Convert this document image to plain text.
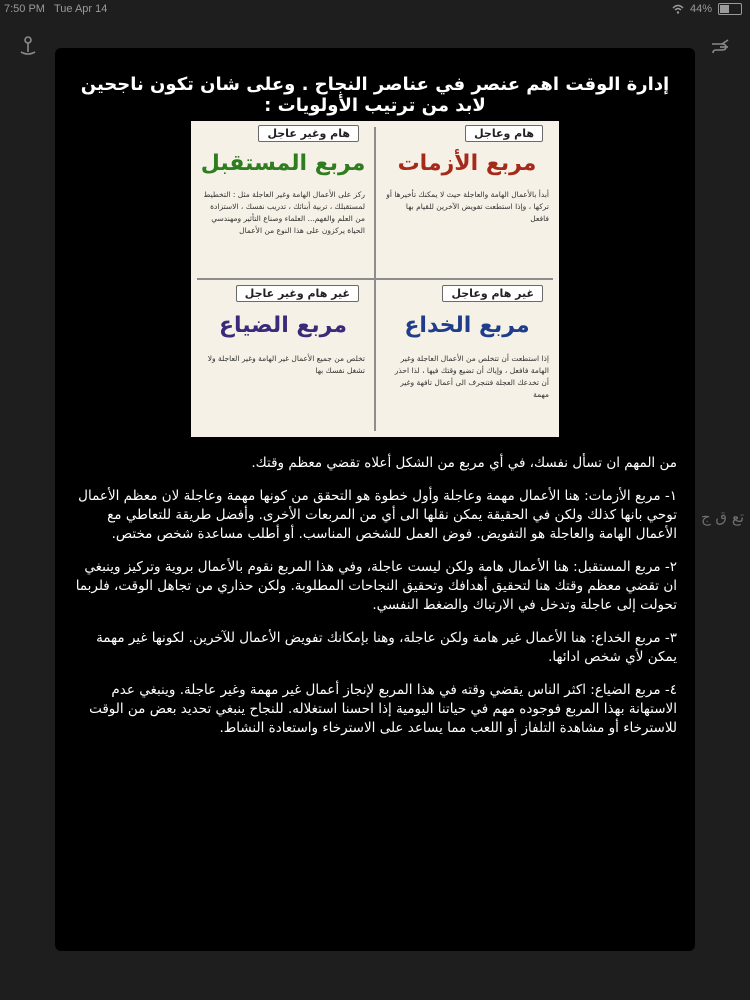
7:50 PM Tue Apr 14	44%
تع ق ج
إدارة الوقت اهم عنصر في عناصر النجاح . وعلى شان تكون ناجحين لابد من ترتيب الأولويات :
هام وغير عاجل
مربع المستقبل
ركز على الأعمال الهامة وغير العاجلة مثل : التخطيط لمستقبلك ، تربية أبنائك ، تدريب نفسك ، الاستزادة من العلم والفهم... العلماء وصناع التأثير ومهندسي الحياة يركزون على هذا النوع من الأعمال
هام وعاجل
مربع الأزمات
أبدأ بالأعمال الهامة والعاجلة حيث لا يمكنك تأخيرها أو تركها ، وإذا استطعت تفويض الآخرين للقيام بها فافعل
غير هام وغير عاجل
مربع الضياع
تخلص من جميع الأعمال غير الهامة وغير العاجلة ولا تشغل نفسك بها
غير هام وعاجل
مربع الخداع
إذا استطعت أن تتخلص من الأعمال العاجلة وغير الهامة فافعل ، وإياك أن تضيع وقتك فيها ، لذا احذر أن تخدعك العجلة فتنجرف الى أعمال تافهة وغير مهمة

من المهم ان تسأل نفسك، في أي مربع من الشكل أعلاه تقضي معظم وقتك.

١- مربع الأزمات: هنا الأعمال مهمة وعاجلة وأول خطوة هو التحقق من كونها مهمة وعاجلة لان معظم الأعمال توحي بانها كذلك ولكن في الحقيقة يمكن نقلها الى أي من المربعات الأخرى. وأفضل طريقة للتعاطي مع الأعمال الهامة والعاجلة هو التفويض. فوض العمل للشخص المناسب. أو أطلب مساعدة شخص مختص.

٢- مربع المستقبل: هنا الأعمال هامة ولكن ليست عاجلة، وفي هذا المربع نقوم بالأعمال بروية وتركيز وينبغي ان تقضي معظم وقتك هنا لتحقيق أهدافك وتحقيق النجاحات المطلوبة. ولكن حذاري من تجاهل الوقت، فلربما تحولت إلى عاجلة وتدخل في الارتباك والضغط النفسي.

٣- مربع الخداع: هنا الأعمال غير هامة ولكن عاجلة، وهنا بإمكانك تفويض الأعمال للآخرين. لكونها غير مهمة يمكن لأي شخص ادائها.

٤- مربع الضياع: اكثر الناس يقضي وقته في هذا المربع لإنجاز أعمال غير مهمة وغير عاجلة. وينبغي عدم الاستهانة بهذا المربع فوجوده مهم في حياتنا اليومية إذا احسنا استغلاله. للنجاح ينبغي تحديد بعض من الوقت للاسترخاء أو مشاهدة التلفاز أو اللعب مما يساعد على الاسترخاء واستعادة النشاط.
